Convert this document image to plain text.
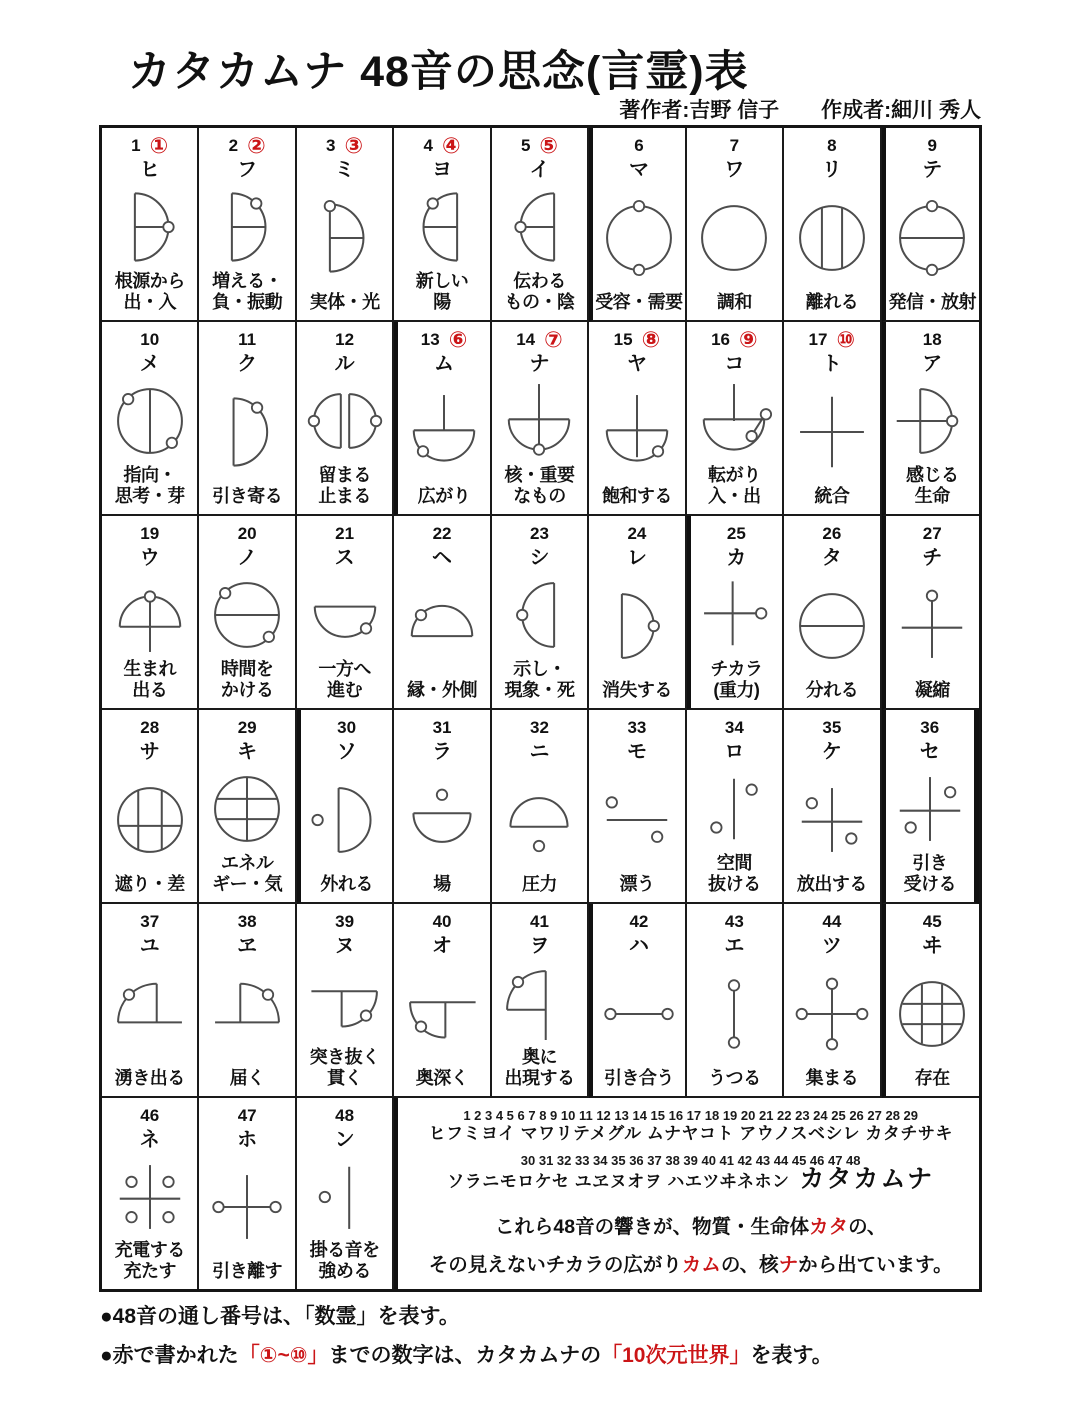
カタカムナ 48音の思念(言霊)表
著作者:吉野 信子　　作成者:細川 秀人
1 ①
ヒ
根源から
出・入
2 ②
フ
増える・
負・振動
3 ③
ミ
実体・光
4 ④
ヨ
新しい
陽
5 ⑤
イ
伝わる
もの・陰
6
マ
受容・需要
7
ワ
調和
8
リ
離れる
9
テ
発信・放射
10
メ
指向・
思考・芽
11
ク
引き寄る
12
ル
留まる
止まる
13 ⑥
ム
広がり
14 ⑦
ナ
核・重要
なもの
15 ⑧
ヤ
飽和する
16 ⑨
コ
転がり
入・出
17 ⑩
ト
統合
18
ア
感じる
生命
19
ウ
生まれ
出る
20
ノ
時間を
かける
21
ス
一方へ
進む
22
ヘ
縁・外側
23
シ
示し・
現象・死
24
レ
消失する
25
カ
チカラ
(重力)
26
タ
分れる
27
チ
凝縮
28
サ
遮り・差
29
キ
エネル
ギー・気
30
ソ
外れる
31
ラ
場
32
ニ
圧力
33
モ
漂う
34
ロ
空間
抜ける
35
ケ
放出する
36
セ
引き
受ける
37
ユ
湧き出る
38
ヱ
届く
39
ヌ
突き抜く
貫く
40
オ
奥深く
41
ヲ
奥に
出現する
42
ハ
引き合う
43
エ
うつる
44
ツ
集まる
45
ヰ
存在
46
ネ
充電する
充たす
47
ホ
引き離す
48
ン
掛る音を
強める
1 2 3 4 5 6 7 8 9 10 11 12 13 14 15 16 17 18 19 20 21 22 23 24 25 26 27 28 29
ヒフミヨイ マワリテメグル ムナヤコト アウノスベシレ カタチサキ
30 31 32 33 34 35 36 37 38 39 40 41 42 43 44 45 46 47 48
ソラニモロケセ ユヱヌオヲ ハエツヰネホン カタカムナ
これら48音の響きが、物質・生命体カタの、
その見えないチカラの広がりカムの、核ナから出ています。
●48音の通し番号は、「数霊」を表す。
●赤で書かれた「①~⑩」までの数字は、カタカムナの「10次元世界」を表す。
